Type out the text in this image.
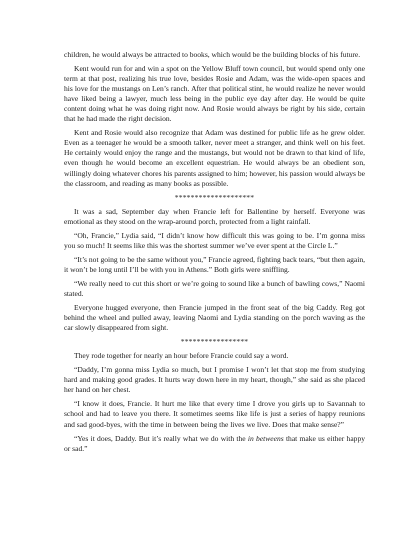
children, he would always be attracted to books, which would be the building blocks of his future.

Kent would run for and win a spot on the Yellow Bluff town council, but would spend only one term at that post, realizing his true love, besides Rosie and Adam, was the wide-open spaces and his love for the mustangs on Len’s ranch. After that political stint, he would realize he never would have liked being a lawyer, much less being in the public eye day after day. He would be quite content doing what he was doing right now. And Rosie would always be right by his side, certain that he had made the right decision.

Kent and Rosie would also recognize that Adam was destined for public life as he grew older. Even as a teenager he would be a smooth talker, never meet a stranger, and think well on his feet. He certainly would enjoy the range and the mustangs, but would not be drawn to that kind of life, even though he would become an excellent equestrian. He would always be an obedient son, willingly doing whatever chores his parents assigned to him; however, his passion would always be the classroom, and reading as many books as possible.

********************

It was a sad, September day when Francie left for Ballentine by herself. Everyone was emotional as they stood on the wrap-around porch, protected from a light rainfall.

“Oh, Francie,” Lydia said, “I didn’t know how difficult this was going to be. I’m gonna miss you so much! It seems like this was the shortest summer we’ve ever spent at the Circle L.”

“It’s not going to be the same without you,” Francie agreed, fighting back tears, “but then again, it won’t be long until I’ll be with you in Athens.” Both girls were sniffling.

“We really need to cut this short or we’re going to sound like a bunch of bawling cows,” Naomi stated.

Everyone hugged everyone, then Francie jumped in the front seat of the big Caddy. Reg got behind the wheel and pulled away, leaving Naomi and Lydia standing on the porch waving as the car slowly disappeared from sight.

*****************

They rode together for nearly an hour before Francie could say a word.

“Daddy, I’m gonna miss Lydia so much, but I promise I won’t let that stop me from studying hard and making good grades. It hurts way down here in my heart, though,” she said as she placed her hand on her chest.

“I know it does, Francie. It hurt me like that every time I drove you girls up to Savannah to school and had to leave you there. It sometimes seems like life is just a series of happy reunions and sad good-byes, with the time in between being the lives we live. Does that make sense?”

“Yes it does, Daddy. But it’s really what we do with the in betweens that make us either happy or sad.”
